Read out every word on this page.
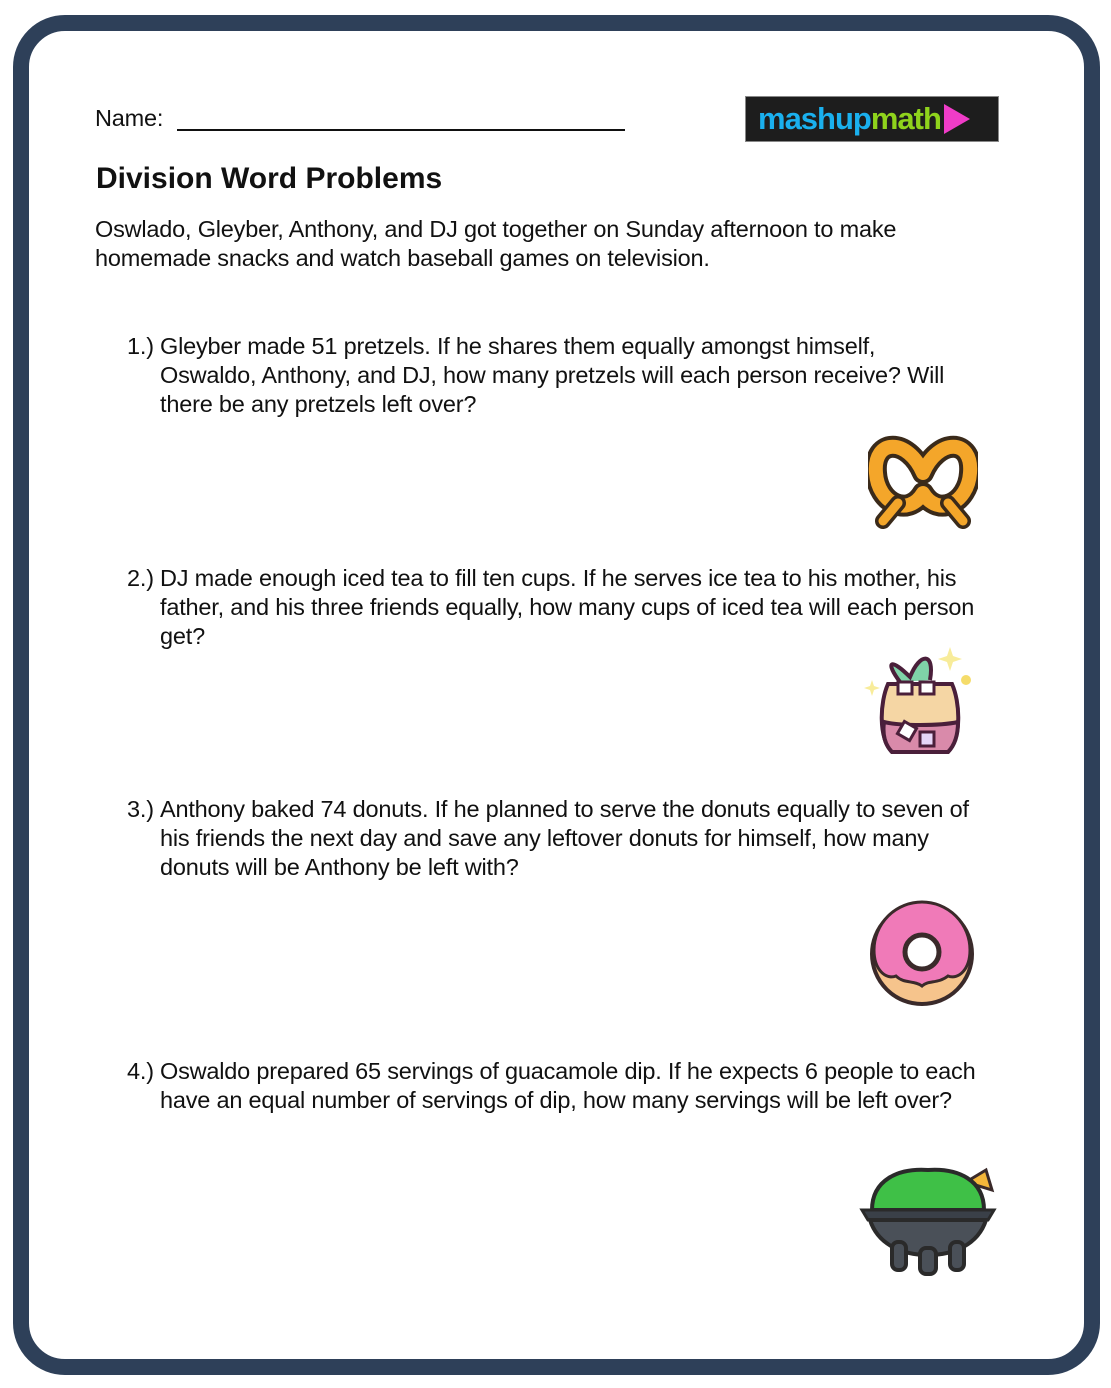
Name:	mashup math
Division Word Problems
Oswlado, Gleyber, Anthony, and DJ got together on Sunday afternoon to make homemade snacks and watch baseball games on television.
1.) Gleyber made 51 pretzels. If he shares them equally amongst himself, Oswaldo, Anthony, and DJ, how many pretzels will each person receive? Will there be any pretzels left over?
2.) DJ made enough iced tea to fill ten cups. If he serves ice tea to his mother, his father, and his three friends equally, how many cups of iced tea will each person get?
3.) Anthony baked 74 donuts. If he planned to serve the donuts equally to seven of his friends the next day and save any leftover donuts for himself, how many donuts will be Anthony be left with?
4.) Oswaldo prepared 65 servings of guacamole dip. If he expects 6 people to each have an equal number of servings of dip, how many servings will be left over?
